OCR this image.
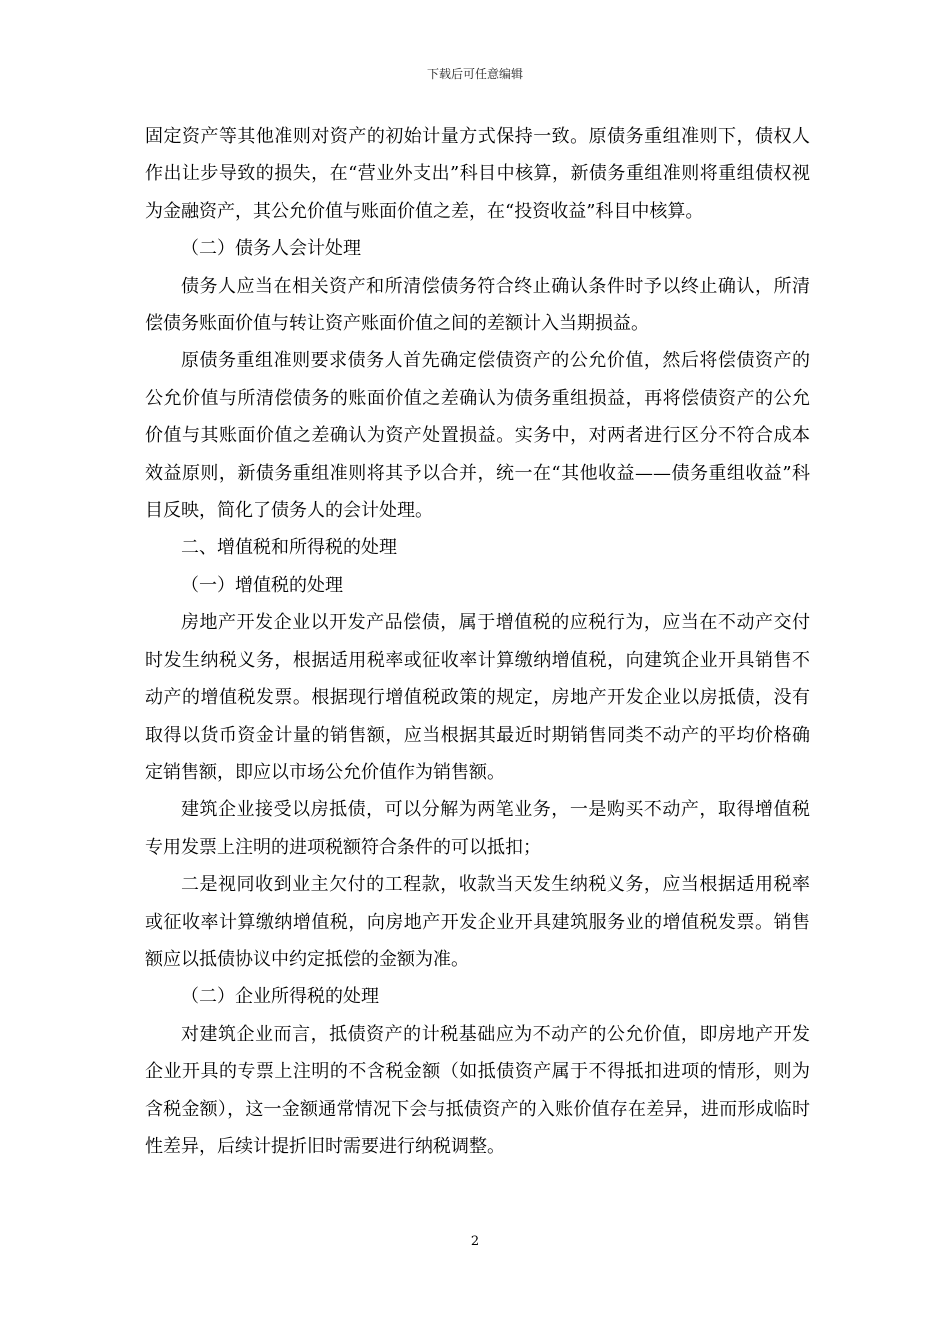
下载后可任意编辑

固定资产等其他准则对资产的初始计量方式保持一致。原债务重组准则下，债权人作出让步导致的损失，在“营业外支出”科目中核算，新债务重组准则将重组债权视为金融资产，其公允价值与账面价值之差，在“投资收益”科目中核算。

（二）债务人会计处理

债务人应当在相关资产和所清偿债务符合终止确认条件时予以终止确认，所清偿债务账面价值与转让资产账面价值之间的差额计入当期损益。

原债务重组准则要求债务人首先确定偿债资产的公允价值，然后将偿债资产的公允价值与所清偿债务的账面价值之差确认为债务重组损益，再将偿债资产的公允价值与其账面价值之差确认为资产处置损益。实务中，对两者进行区分不符合成本效益原则，新债务重组准则将其予以合并，统一在“其他收益——债务重组收益”科目反映，简化了债务人的会计处理。

二、增值税和所得税的处理

（一）增值税的处理

房地产开发企业以开发产品偿债，属于增值税的应税行为，应当在不动产交付时发生纳税义务，根据适用税率或征收率计算缴纳增值税，向建筑企业开具销售不动产的增值税发票。根据现行增值税政策的规定，房地产开发企业以房抵债，没有取得以货币资金计量的销售额，应当根据其最近时期销售同类不动产的平均价格确定销售额，即应以市场公允价值作为销售额。

建筑企业接受以房抵债，可以分解为两笔业务，一是购买不动产，取得增值税专用发票上注明的进项税额符合条件的可以抵扣；

二是视同收到业主欠付的工程款，收款当天发生纳税义务，应当根据适用税率或征收率计算缴纳增值税，向房地产开发企业开具建筑服务业的增值税发票。销售额应以抵债协议中约定抵偿的金额为准。

（二）企业所得税的处理

对建筑企业而言，抵债资产的计税基础应为不动产的公允价值，即房地产开发企业开具的专票上注明的不含税金额（如抵债资产属于不得抵扣进项的情形，则为含税金额），这一金额通常情况下会与抵债资产的入账价值存在差异，进而形成临时性差异，后续计提折旧时需要进行纳税调整。

2
